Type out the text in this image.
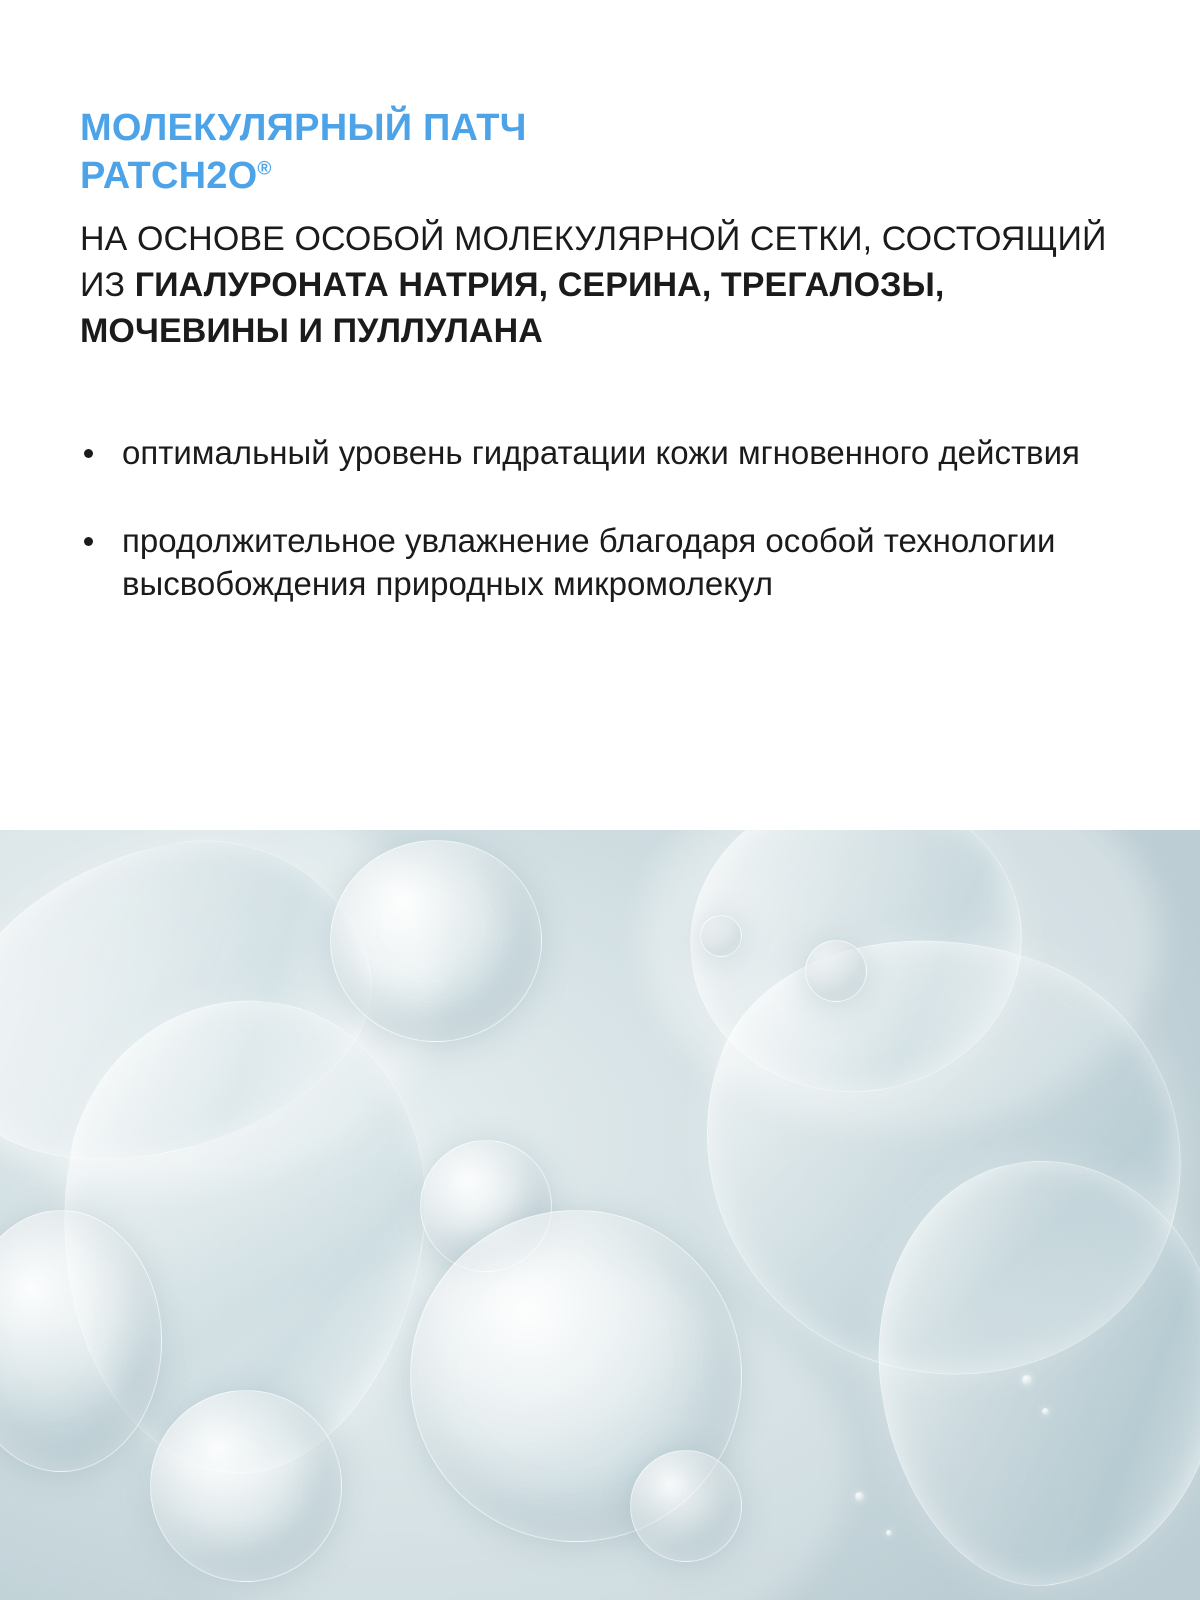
МОЛЕКУЛЯРНЫЙ ПАТЧ
PATCH2O®

НА ОСНОВЕ ОСОБОЙ МОЛЕКУЛЯРНОЙ СЕТКИ, СОСТОЯЩИЙ ИЗ ГИАЛУРОНАТА НАТРИЯ, СЕРИНА, ТРЕГАЛОЗЫ, МОЧЕВИНЫ И ПУЛЛУЛАНА

оптимальный уровень гидратации кожи мгновенного действия
продолжительное увлажнение благодаря особой технологии высвобождения природных микромолекул
